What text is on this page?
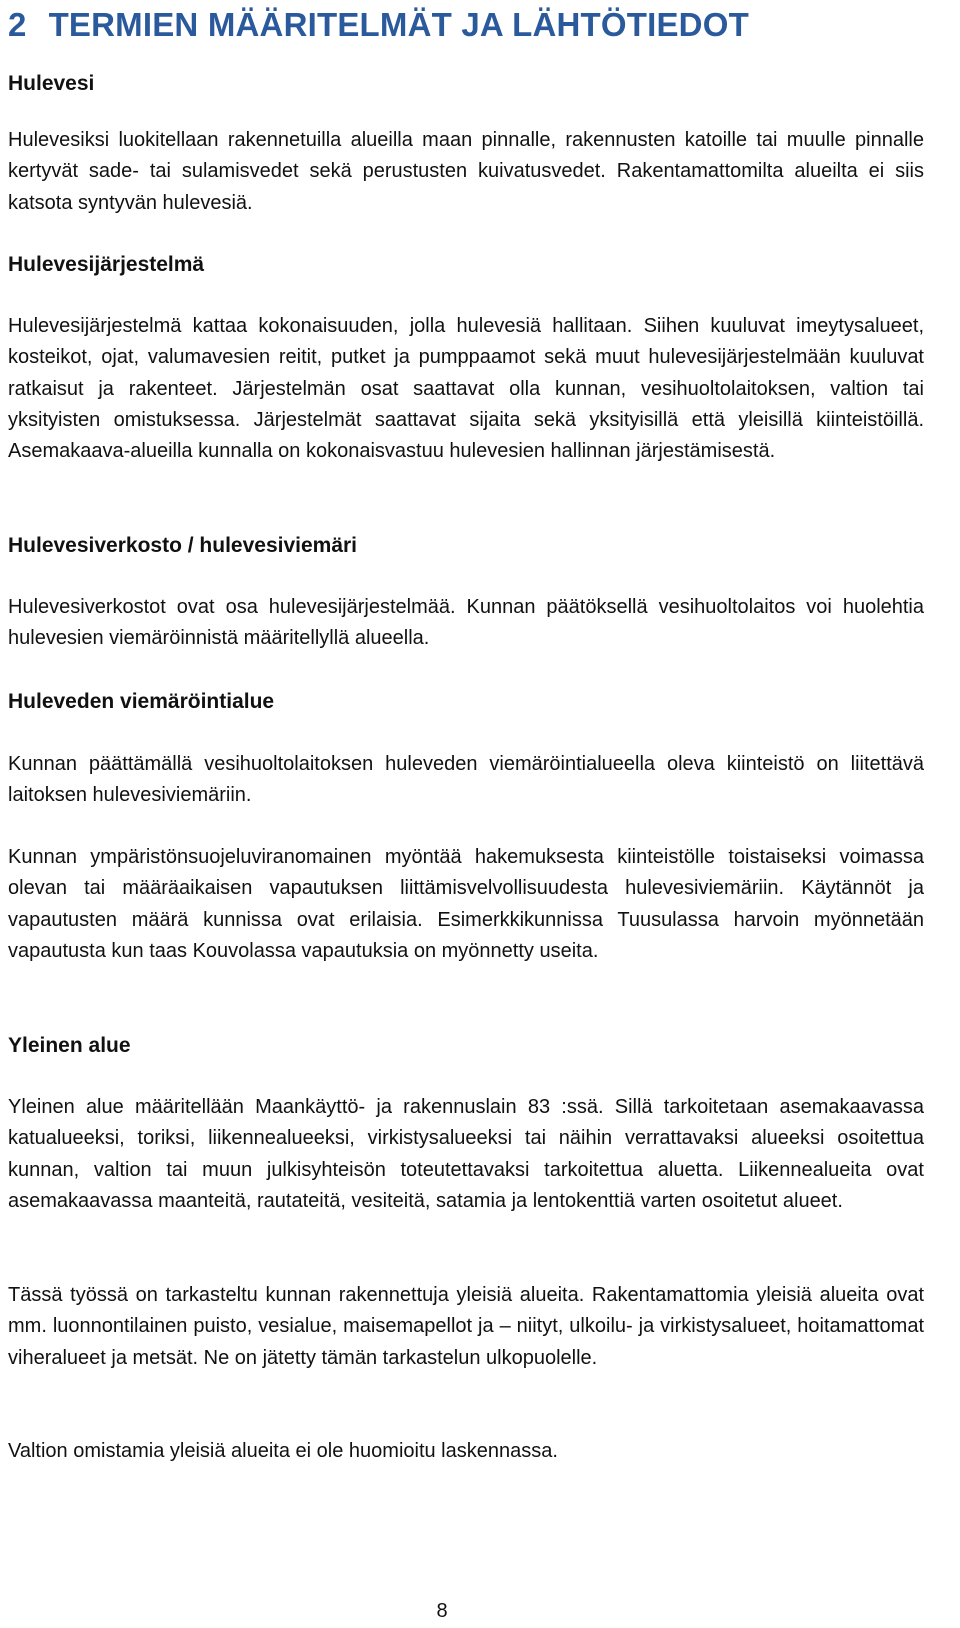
2 TERMIEN MÄÄRITELMÄT JA LÄHTÖTIEDOT
Hulevesi

Hulevesiksi luokitellaan rakennetuilla alueilla maan pinnalle, rakennusten katoille tai muulle pinnalle kertyvät sade- tai sulamisvedet sekä perustusten kuivatusvedet. Rakentamattomilta alueilta ei siis katsota syntyvän hulevesiä.

Hulevesijärjestelmä

Hulevesijärjestelmä kattaa kokonaisuuden, jolla hulevesiä hallitaan. Siihen kuuluvat imeytysalueet, kosteikot, ojat, valumavesien reitit, putket ja pumppaamot sekä muut hulevesijärjestelmään kuuluvat ratkaisut ja rakenteet. Järjestelmän osat saattavat olla kunnan, vesihuoltolaitoksen, valtion tai yksityisten omistuksessa. Järjestelmät saattavat sijaita sekä yksityisillä että yleisillä kiinteistöillä. Asemakaava-alueilla kunnalla on kokonaisvastuu hulevesien hallinnan järjestämisestä.

Hulevesiverkosto / hulevesiviemäri

Hulevesiverkostot ovat osa hulevesijärjestelmää. Kunnan päätöksellä vesihuoltolaitos voi huolehtia hulevesien viemäröinnistä määritellyllä alueella.

Huleveden viemäröintialue

Kunnan päättämällä vesihuoltolaitoksen huleveden viemäröintialueella oleva kiinteistö on liitettävä laitoksen hulevesiviemäriin.

Kunnan ympäristönsuojeluviranomainen myöntää hakemuksesta kiinteistölle toistaiseksi voimassa olevan tai määräaikaisen vapautuksen liittämisvelvollisuudesta hulevesiviemäriin. Käytännöt ja vapautusten määrä kunnissa ovat erilaisia. Esimerkkikunnissa Tuusulassa harvoin myönnetään vapautusta kun taas Kouvolassa vapautuksia on myönnetty useita.

Yleinen alue

Yleinen alue määritellään Maankäyttö- ja rakennuslain 83 :ssä. Sillä tarkoitetaan asemakaavassa katualueeksi, toriksi, liikennealueeksi, virkistysalueeksi tai näihin verrattavaksi alueeksi osoitettua kunnan, valtion tai muun julkisyhteisön toteutettavaksi tarkoitettua aluetta. Liikennealueita ovat asemakaavassa maanteitä, rautateitä, vesiteitä, satamia ja lentokenttiä varten osoitetut alueet.

Tässä työssä on tarkasteltu kunnan rakennettuja yleisiä alueita. Rakentamattomia yleisiä alueita ovat mm. luonnontilainen puisto, vesialue, maisemapellot ja – niityt, ulkoilu- ja virkistysalueet, hoitamattomat viheralueet ja metsät. Ne on jätetty tämän tarkastelun ulkopuolelle.

Valtion omistamia yleisiä alueita ei ole huomioitu laskennassa.

8
